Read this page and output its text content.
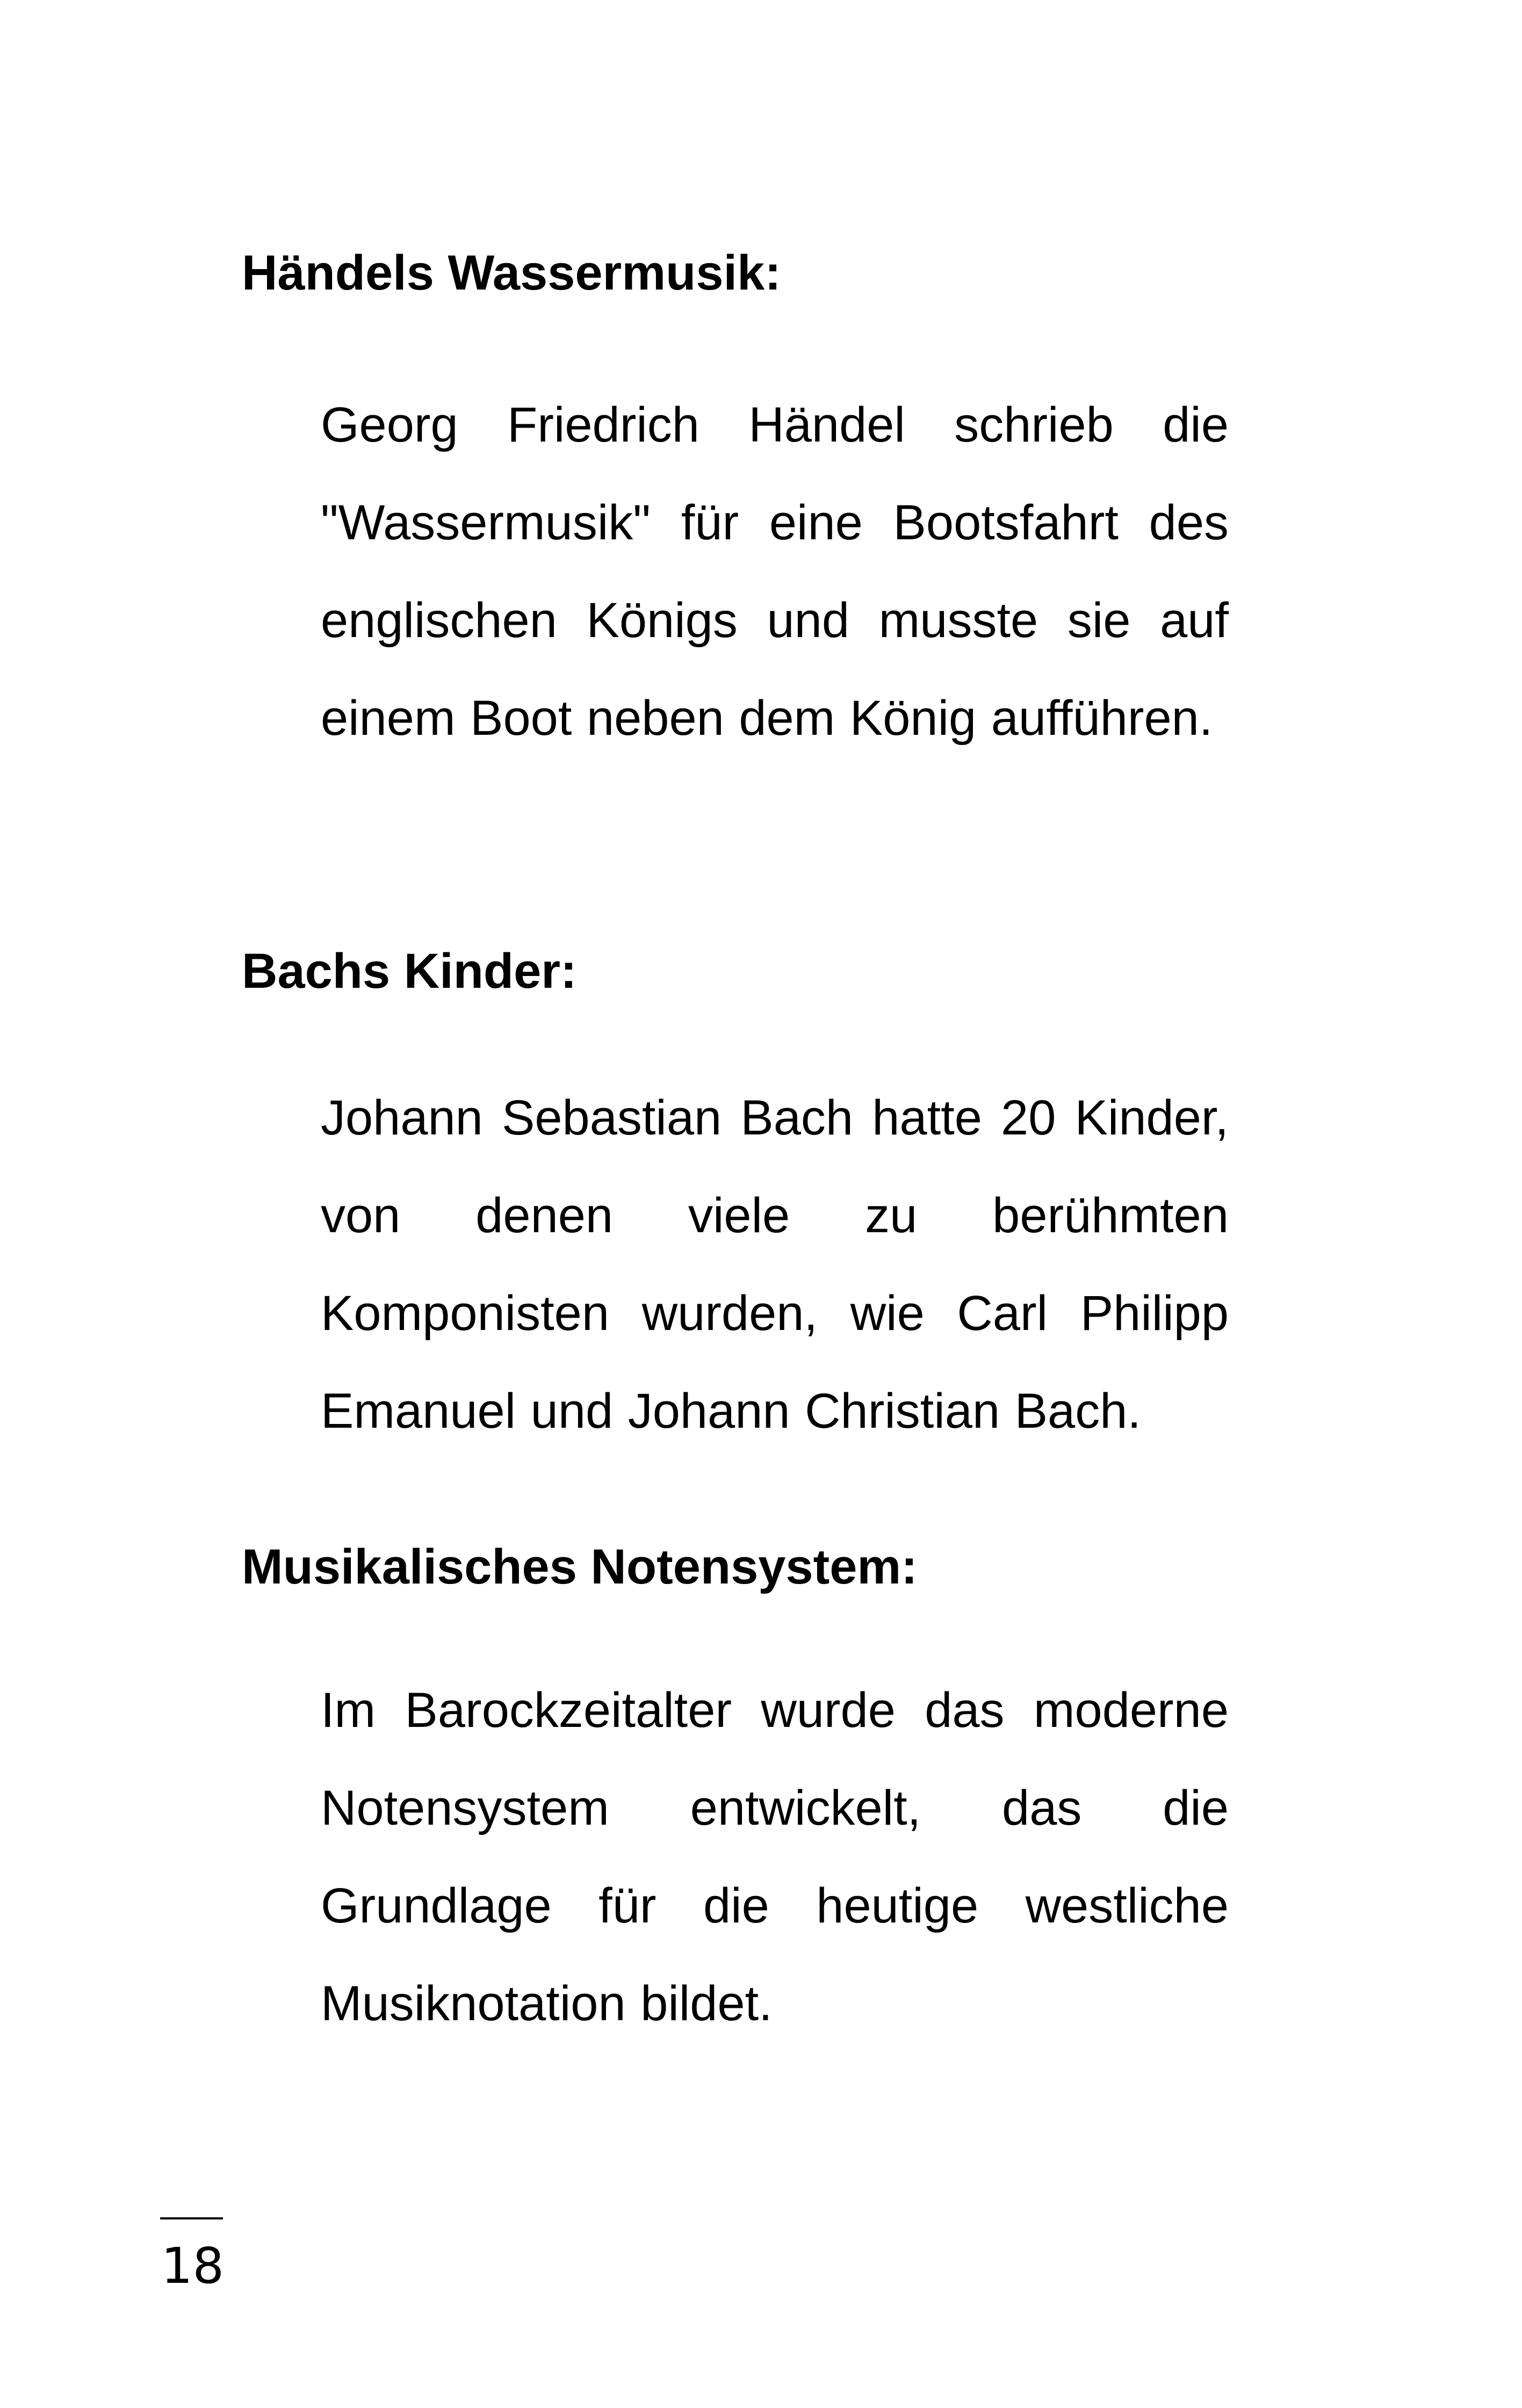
Händels Wassermusik:

Georg Friedrich Händel schrieb die "Wassermusik" für eine Bootsfahrt des englischen Königs und musste sie auf einem Boot neben dem König aufführen.

Bachs Kinder:

Johann Sebastian Bach hatte 20 Kinder, von denen viele zu berühmten Komponisten wurden, wie Carl Philipp Emanuel und Johann Christian Bach.

Musikalisches Notensystem:

Im Barockzeitalter wurde das moderne Notensystem entwickelt, das die Grundlage für die heutige westliche Musiknotation bildet.

18
